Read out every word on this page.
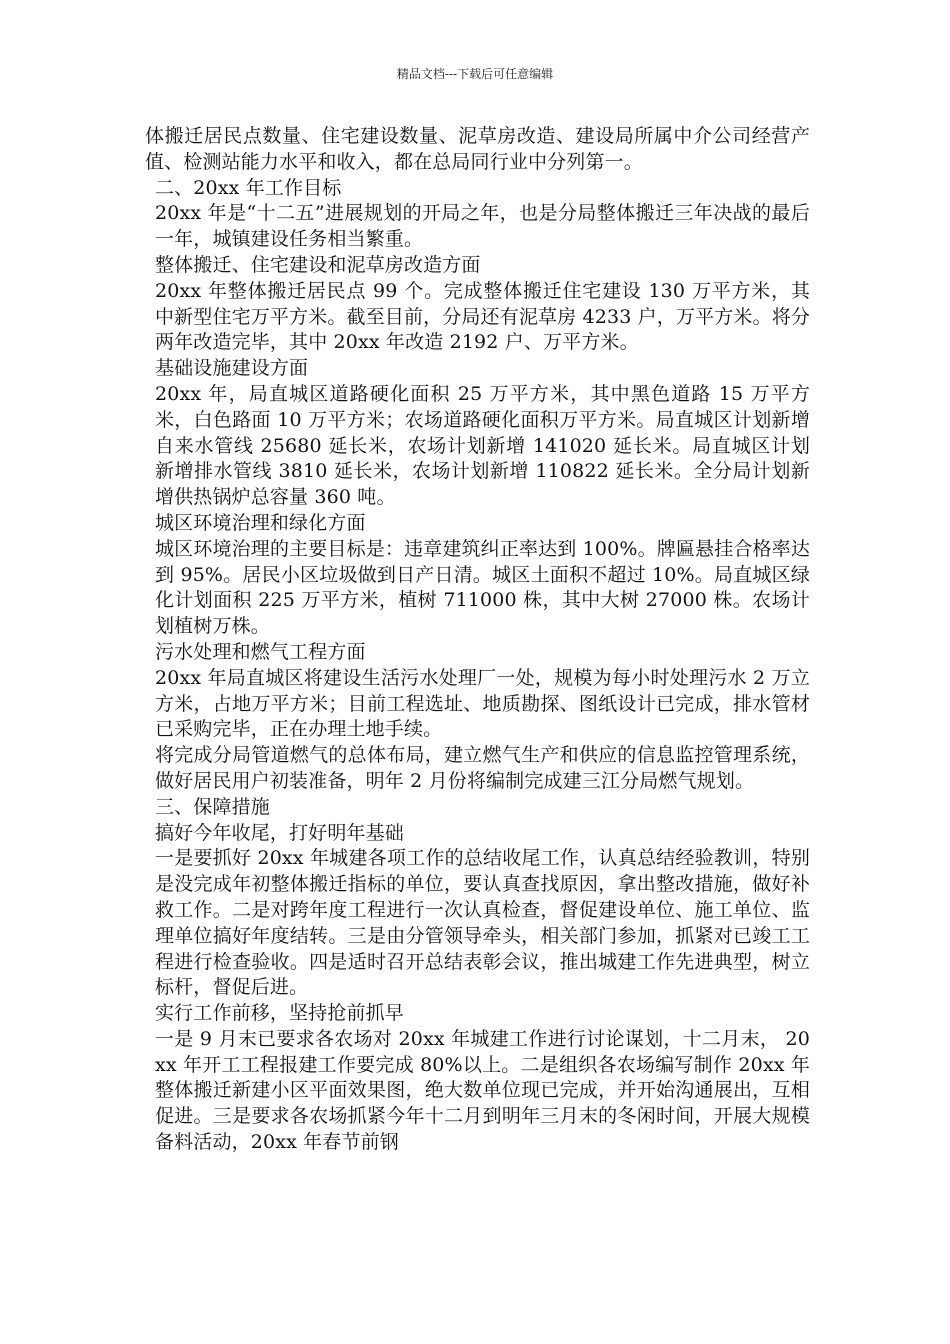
精品文档---下载后可任意编辑

体搬迁居民点数量、住宅建设数量、泥草房改造、建设局所属中介公司经营产值、检测站能力水平和收入，都在总局同行业中分列第一。

二、20xx 年工作目标

20xx 年是“十二五”进展规划的开局之年，也是分局整体搬迁三年决战的最后一年，城镇建设任务相当繁重。

整体搬迁、住宅建设和泥草房改造方面

20xx 年整体搬迁居民点 99 个。完成整体搬迁住宅建设 130 万平方米，其中新型住宅万平方米。截至目前，分局还有泥草房 4233 户，万平方米。将分两年改造完毕，其中 20xx 年改造 2192 户、万平方米。

基础设施建设方面

20xx 年，局直城区道路硬化面积 25 万平方米，其中黑色道路 15 万平方米，白色路面 10 万平方米；农场道路硬化面积万平方米。局直城区计划新增自来水管线 25680 延长米，农场计划新增 141020 延长米。局直城区计划新增排水管线 3810 延长米，农场计划新增 110822 延长米。全分局计划新增供热锅炉总容量 360 吨。

城区环境治理和绿化方面

城区环境治理的主要目标是：违章建筑纠正率达到 100%。牌匾悬挂合格率达到 95%。居民小区垃圾做到日产日清。城区土面积不超过 10%。局直城区绿化计划面积 225 万平方米，植树 711000 株，其中大树 27000 株。农场计划植树万株。

污水处理和燃气工程方面

20xx 年局直城区将建设生活污水处理厂一处，规模为每小时处理污水 2 万立方米，占地万平方米；目前工程选址、地质勘探、图纸设计已完成，排水管材已采购完毕，正在办理土地手续。

将完成分局管道燃气的总体布局，建立燃气生产和供应的信息监控管理系统，做好居民用户初装准备，明年 2 月份将编制完成建三江分局燃气规划。

三、保障措施

搞好今年收尾，打好明年基础

一是要抓好 20xx 年城建各项工作的总结收尾工作，认真总结经验教训，特别是没完成年初整体搬迁指标的单位，要认真查找原因，拿出整改措施，做好补救工作。二是对跨年度工程进行一次认真检查，督促建设单位、施工单位、监理单位搞好年度结转。三是由分管领导牵头，相关部门参加，抓紧对已竣工工程进行检查验收。四是适时召开总结表彰会议，推出城建工作先进典型，树立标杆，督促后进。

实行工作前移，坚持抢前抓早

一是 9 月末已要求各农场对 20xx 年城建工作进行讨论谋划，十二月末， 20xx 年开工工程报建工作要完成 80%以上。二是组织各农场编写制作 20xx 年整体搬迁新建小区平面效果图，绝大数单位现已完成，并开始沟通展出，互相促进。三是要求各农场抓紧今年十二月到明年三月末的冬闲时间，开展大规模备料活动，20xx 年春节前钢
